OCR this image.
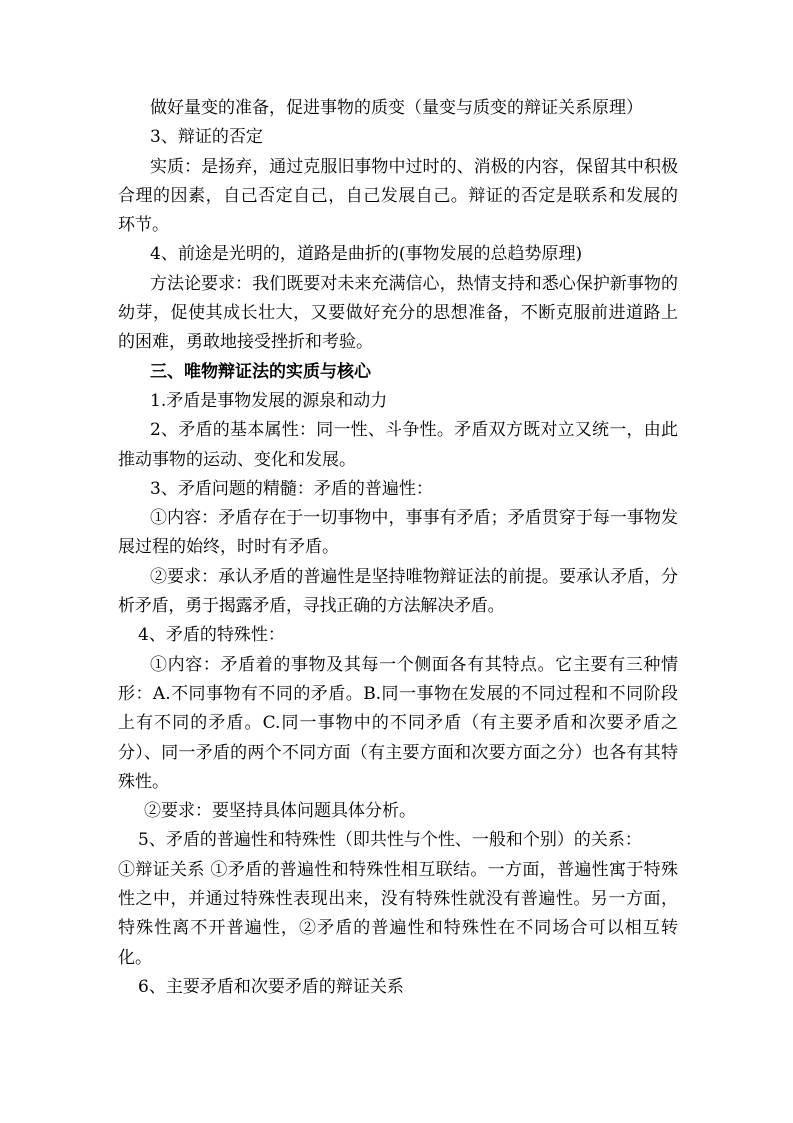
做好量变的准备，促进事物的质变（量变与质变的辩证关系原理）

3、辩证的否定

实质：是扬弃，通过克服旧事物中过时的、消极的内容，保留其中积极合理的因素，自己否定自己，自己发展自己。辩证的否定是联系和发展的环节。

4、前途是光明的，道路是曲折的(事物发展的总趋势原理)

方法论要求：我们既要对未来充满信心，热情支持和悉心保护新事物的幼芽，促使其成长壮大，又要做好充分的思想准备，不断克服前进道路上的困难，勇敢地接受挫折和考验。

三、唯物辩证法的实质与核心

1.矛盾是事物发展的源泉和动力

2、矛盾的基本属性：同一性、斗争性。矛盾双方既对立又统一，由此推动事物的运动、变化和发展。

3、矛盾问题的精髓：矛盾的普遍性：

①内容：矛盾存在于一切事物中，事事有矛盾；矛盾贯穿于每一事物发展过程的始终，时时有矛盾。

②要求：承认矛盾的普遍性是坚持唯物辩证法的前提。要承认矛盾，分析矛盾，勇于揭露矛盾，寻找正确的方法解决矛盾。

4、矛盾的特殊性：

①内容：矛盾着的事物及其每一个侧面各有其特点。它主要有三种情形：A.不同事物有不同的矛盾。B.同一事物在发展的不同过程和不同阶段上有不同的矛盾。C.同一事物中的不同矛盾（有主要矛盾和次要矛盾之分）、同一矛盾的两个不同方面（有主要方面和次要方面之分）也各有其特殊性。

②要求：要坚持具体问题具体分析。

5、矛盾的普遍性和特殊性（即共性与个性、一般和个别）的关系：

①辩证关系 ①矛盾的普遍性和特殊性相互联结。一方面，普遍性寓于特殊性之中，并通过特殊性表现出来，没有特殊性就没有普遍性。另一方面，特殊性离不开普遍性，②矛盾的普遍性和特殊性在不同场合可以相互转化。

6、主要矛盾和次要矛盾的辩证关系
